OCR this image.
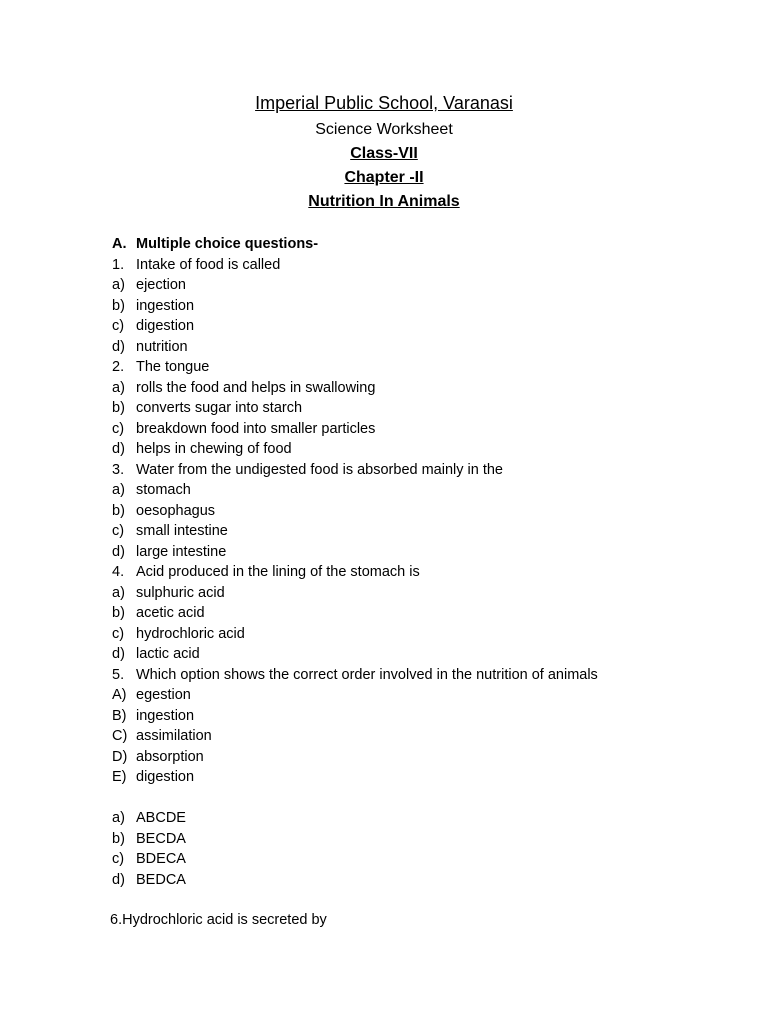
Imperial Public School, Varanasi
Science Worksheet
Class-VII
Chapter -II
Nutrition In Animals
A. Multiple choice questions-
1. Intake of food is called
a) ejection
b) ingestion
c) digestion
d) nutrition
2. The tongue
a) rolls the food and helps in swallowing
b) converts sugar into starch
c) breakdown food into smaller particles
d) helps in chewing of food
3. Water from the undigested food is absorbed mainly in the
a) stomach
b) oesophagus
c) small intestine
d) large intestine
4. Acid produced in the lining of the stomach is
a) sulphuric acid
b) acetic acid
c) hydrochloric acid
d) lactic acid
5. Which option shows the correct order involved in the nutrition of animals
A) egestion
B) ingestion
C) assimilation
D) absorption
E) digestion
a) ABCDE
b) BECDA
c) BDECA
d) BEDCA
6.Hydrochloric acid is secreted by
